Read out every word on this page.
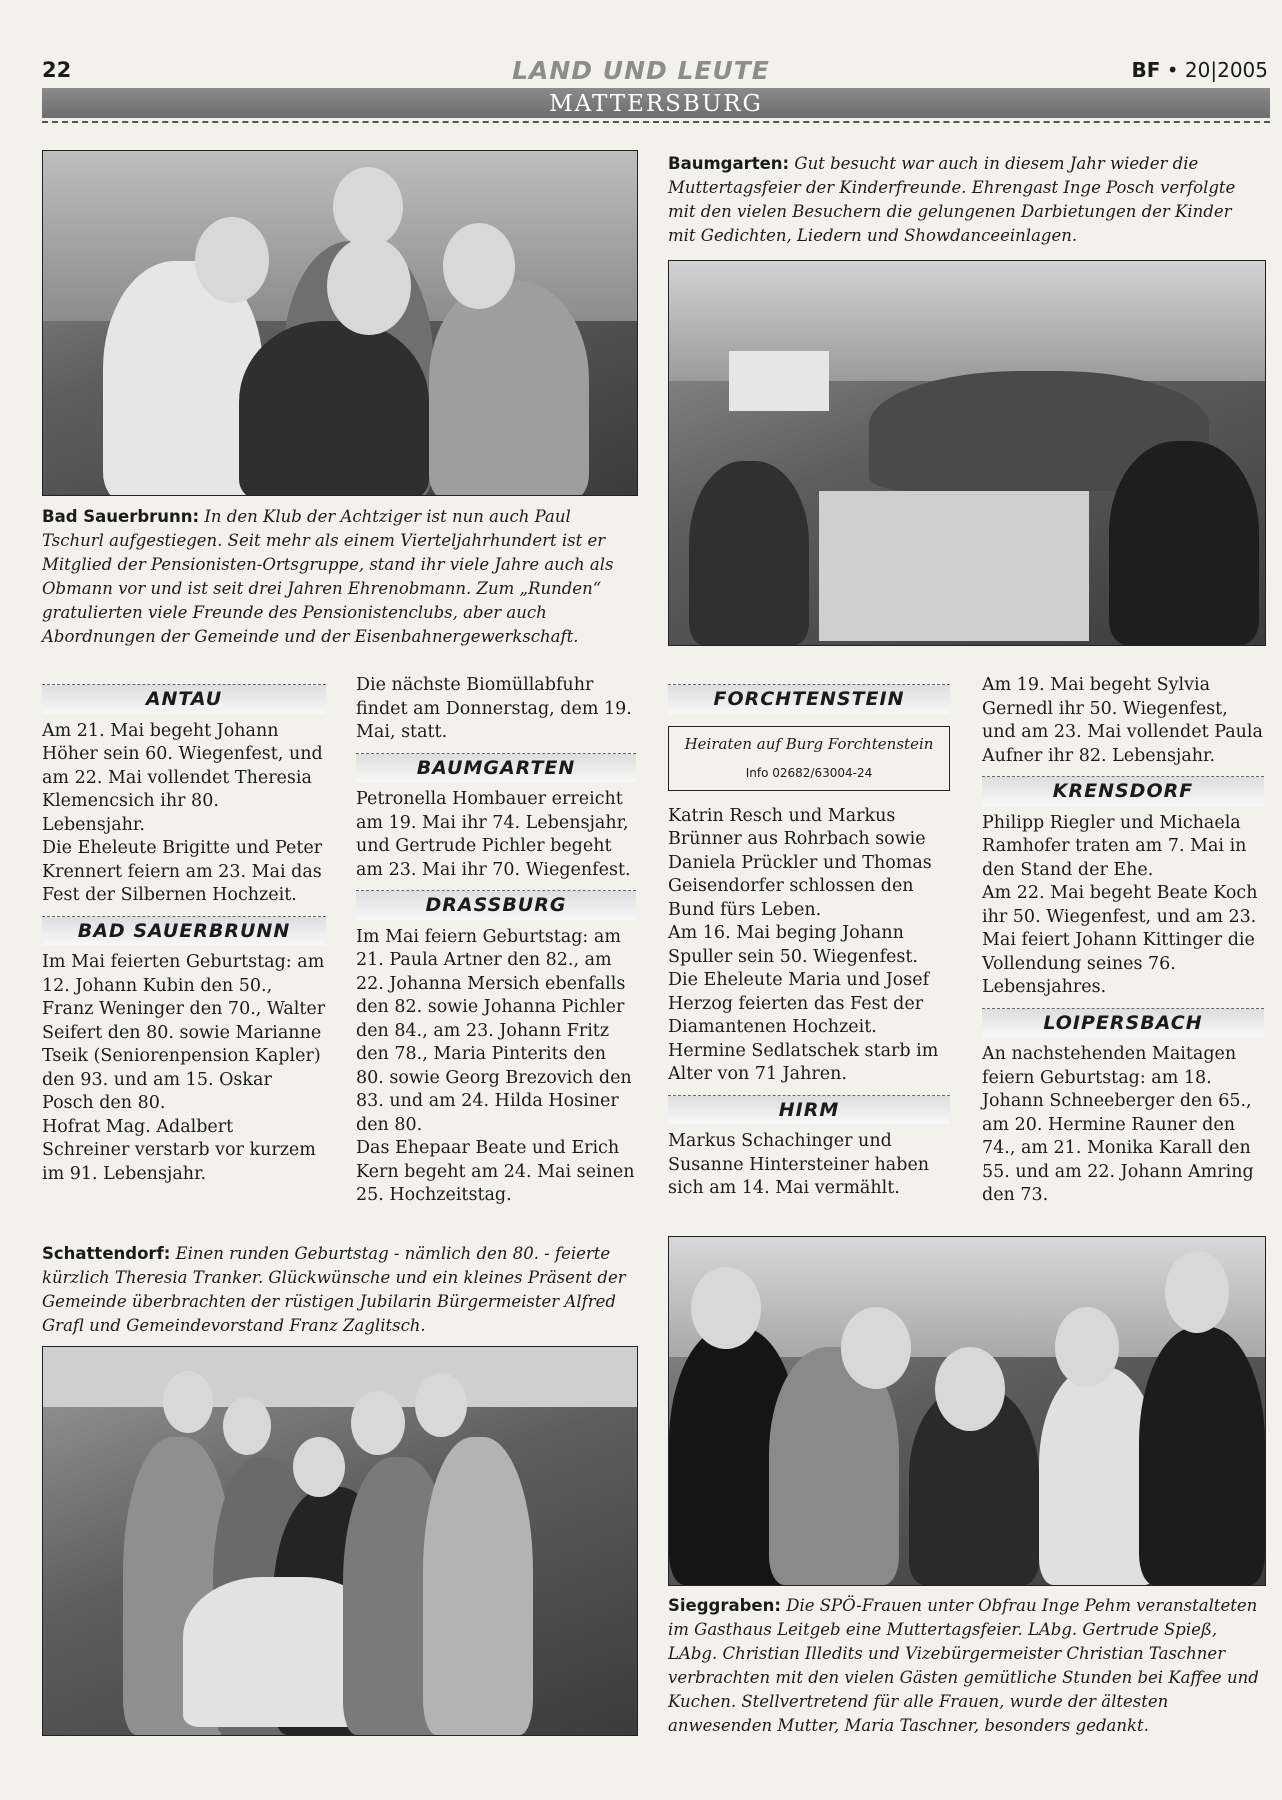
22	LAND UND LEUTE	BF • 20|2005
MATTERSBURG
Bad Sauerbrunn: In den Klub der Achtziger ist nun auch Paul Tschurl aufgestiegen. Seit mehr als einem Vierteljahrhundert ist er Mitglied der Pensionisten-Ortsgruppe, stand ihr viele Jahre auch als Obmann vor und ist seit drei Jahren Ehrenobmann. Zum „Runden“ gratulierten viele Freunde des Pensionistenclubs, aber auch Abordnungen der Gemeinde und der Eisenbahnergewerkschaft.
Baumgarten: Gut besucht war auch in diesem Jahr wieder die Muttertagsfeier der Kinderfreunde. Ehrengast Inge Posch verfolgte mit den vielen Besuchern die gelungenen Darbietungen der Kinder mit Gedichten, Liedern und Showdanceeinlagen.
ANTAU

Am 21. Mai begeht Johann Höher sein 60. Wiegenfest, und am 22. Mai vollendet Theresia Klemencsich ihr 80. Lebensjahr.

Die Eheleute Brigitte und Peter Krennert feiern am 23. Mai das Fest der Silbernen Hochzeit.

BAD SAUERBRUNN

Im Mai feierten Geburtstag: am 12. Johann Kubin den 50., Franz Weninger den 70., Walter Seifert den 80. sowie Marianne Tseik (Seniorenpension Kapler) den 93. und am 15. Oskar Posch den 80.

Hofrat Mag. Adalbert Schreiner verstarb vor kurzem im 91. Lebensjahr.

Die nächste Biomüllabfuhr findet am Donnerstag, dem 19. Mai, statt.

BAUMGARTEN

Petronella Hombauer erreicht am 19. Mai ihr 74. Lebensjahr, und Gertrude Pichler begeht am 23. Mai ihr 70. Wiegenfest.

DRASSBURG

Im Mai feiern Geburtstag: am 21. Paula Artner den 82., am 22. Johanna Mersich ebenfalls den 82. sowie Johanna Pichler den 84., am 23. Johann Fritz den 78., Maria Pinterits den 80. sowie Georg Brezovich den 83. und am 24. Hilda Hosiner den 80.

Das Ehepaar Beate und Erich Kern begeht am 24. Mai seinen 25. Hochzeitstag.

FORCHTENSTEIN
Heiraten auf Burg Forchtenstein
Info 02682/63004-24

Katrin Resch und Markus Brünner aus Rohrbach sowie Daniela Prückler und Thomas Geisendorfer schlossen den Bund fürs Leben.

Am 16. Mai beging Johann Spuller sein 50. Wiegenfest.

Die Eheleute Maria und Josef Herzog feierten das Fest der Diamantenen Hochzeit.

Hermine Sedlatschek starb im Alter von 71 Jahren.

HIRM

Markus Schachinger und Susanne Hintersteiner haben sich am 14. Mai vermählt.

Am 19. Mai begeht Sylvia Gernedl ihr 50. Wiegenfest, und am 23. Mai vollendet Paula Aufner ihr 82. Lebensjahr.

KRENSDORF

Philipp Riegler und Michaela Ramhofer traten am 7. Mai in den Stand der Ehe.

Am 22. Mai begeht Beate Koch ihr 50. Wiegenfest, und am 23. Mai feiert Johann Kittinger die Vollendung seines 76. Lebensjahres.

LOIPERSBACH

An nachstehenden Maitagen feiern Geburtstag: am 18. Johann Schneeberger den 65., am 20. Hermine Rauner den 74., am 21. Monika Karall den 55. und am 22. Johann Amring den 73.

Schattendorf: Einen runden Geburtstag - nämlich den 80. - feierte kürzlich Theresia Tranker. Glückwünsche und ein kleines Präsent der Gemeinde überbrachten der rüstigen Jubilarin Bürgermeister Alfred Grafl und Gemeindevorstand Franz Zaglitsch.
Sieggraben: Die SPÖ-Frauen unter Obfrau Inge Pehm veranstalteten im Gasthaus Leitgeb eine Muttertagsfeier. LAbg. Gertrude Spieß, LAbg. Christian Illedits und Vizebürgermeister Christian Taschner verbrachten mit den vielen Gästen gemütliche Stunden bei Kaffee und Kuchen. Stellvertretend für alle Frauen, wurde der ältesten anwesenden Mutter, Maria Taschner, besonders gedankt.
